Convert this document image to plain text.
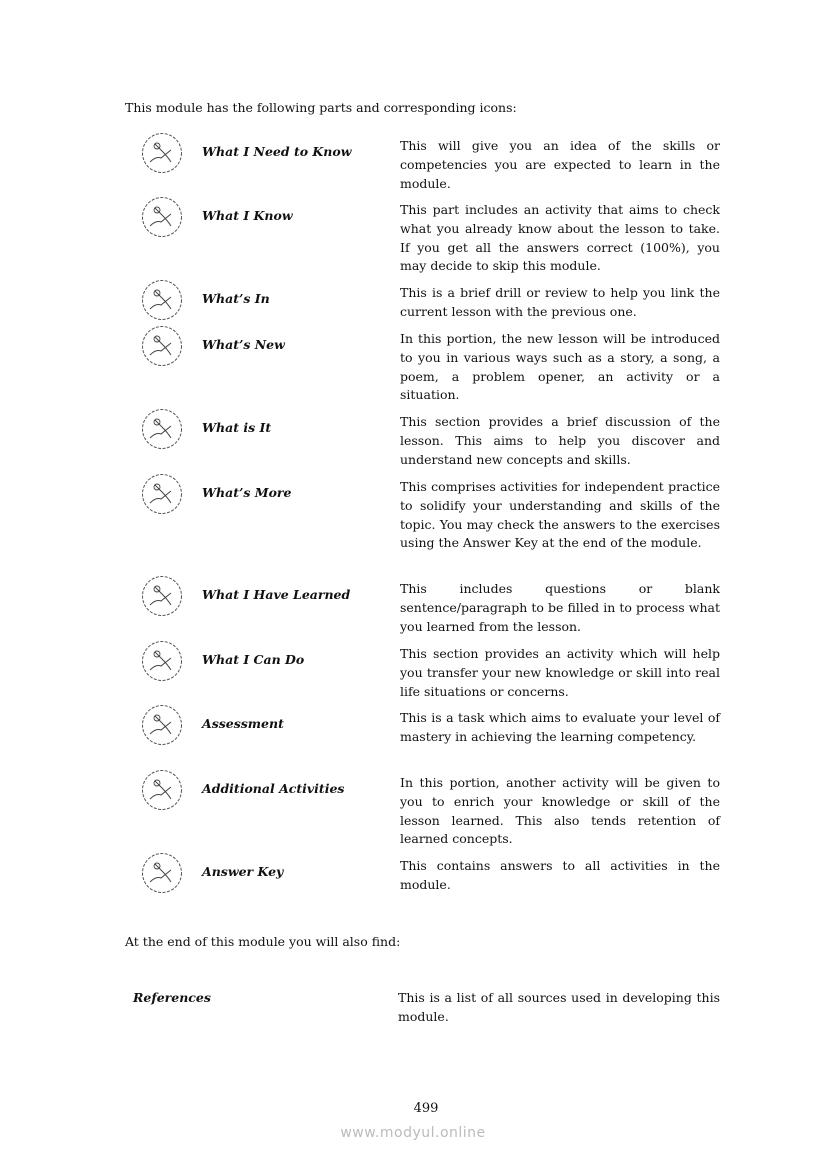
This module has the following parts and corresponding icons:
What I Need to Know	This will give you an idea of the skills or competencies you are expected to learn in the module.
What I Know	This part includes an activity that aims to check what you already know about the lesson to take. If you get all the answers correct (100%), you may decide to skip this module.
What’s In	This is a brief drill or review to help you link the current lesson with the previous one.
What’s New	In this portion, the new lesson will be introduced to you in various ways such as a story, a song, a poem, a problem opener, an activity or a situation.
What is It	This section provides a brief discussion of the lesson. This aims to help you discover and understand new concepts and skills.
What’s More	This comprises activities for independent practice to solidify your understanding and skills of the topic. You may check the answers to the exercises using the Answer Key at the end of the module.
What I Have Learned	This includes questions or blank sentence/paragraph to be filled in to process what you learned from the lesson.
What I Can Do	This section provides an activity which will help you transfer your new knowledge or skill into real life situations or concerns.
Assessment	This is a task which aims to evaluate your level of mastery in achieving the learning competency.
Additional Activities	In this portion, another activity will be given to you to enrich your knowledge or skill of the lesson learned. This also tends retention of learned concepts.
Answer Key	This contains answers to all activities in the module.
At the end of this module you will also find:
References	This is a list of all sources used in developing this module.
499
www.modyul.online
